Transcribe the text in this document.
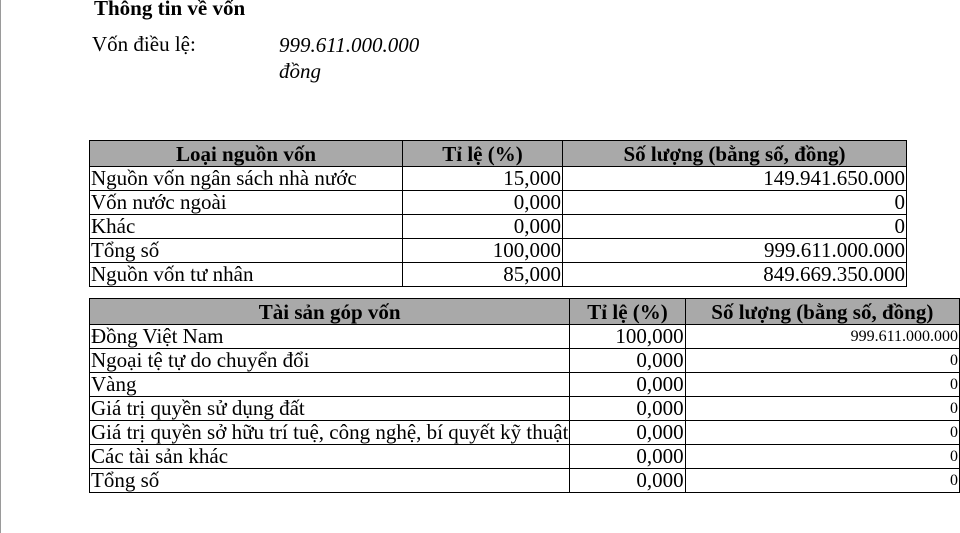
Thông tin về vốn
Vốn điều lệ:	999.611.000.000
đồng
Loại nguồn vốn	Tỉ lệ (%)	Số lượng (bằng số, đồng)
Nguồn vốn ngân sách nhà nước	15,000	149.941.650.000
Vốn nước ngoài	0,000	0
Khác	0,000	0
Tổng số	100,000	999.611.000.000
Nguồn vốn tư nhân	85,000	849.669.350.000
Tài sản góp vốn	Tỉ lệ (%)	Số lượng (bằng số, đồng)
Đồng Việt Nam	100,000	999.611.000.000
Ngoại tệ tự do chuyển đổi	0,000	0
Vàng	0,000	0
Giá trị quyền sử dụng đất	0,000	0
Giá trị quyền sở hữu trí tuệ, công nghệ, bí quyết kỹ thuật	0,000	0
Các tài sản khác	0,000	0
Tổng số	0,000	0
